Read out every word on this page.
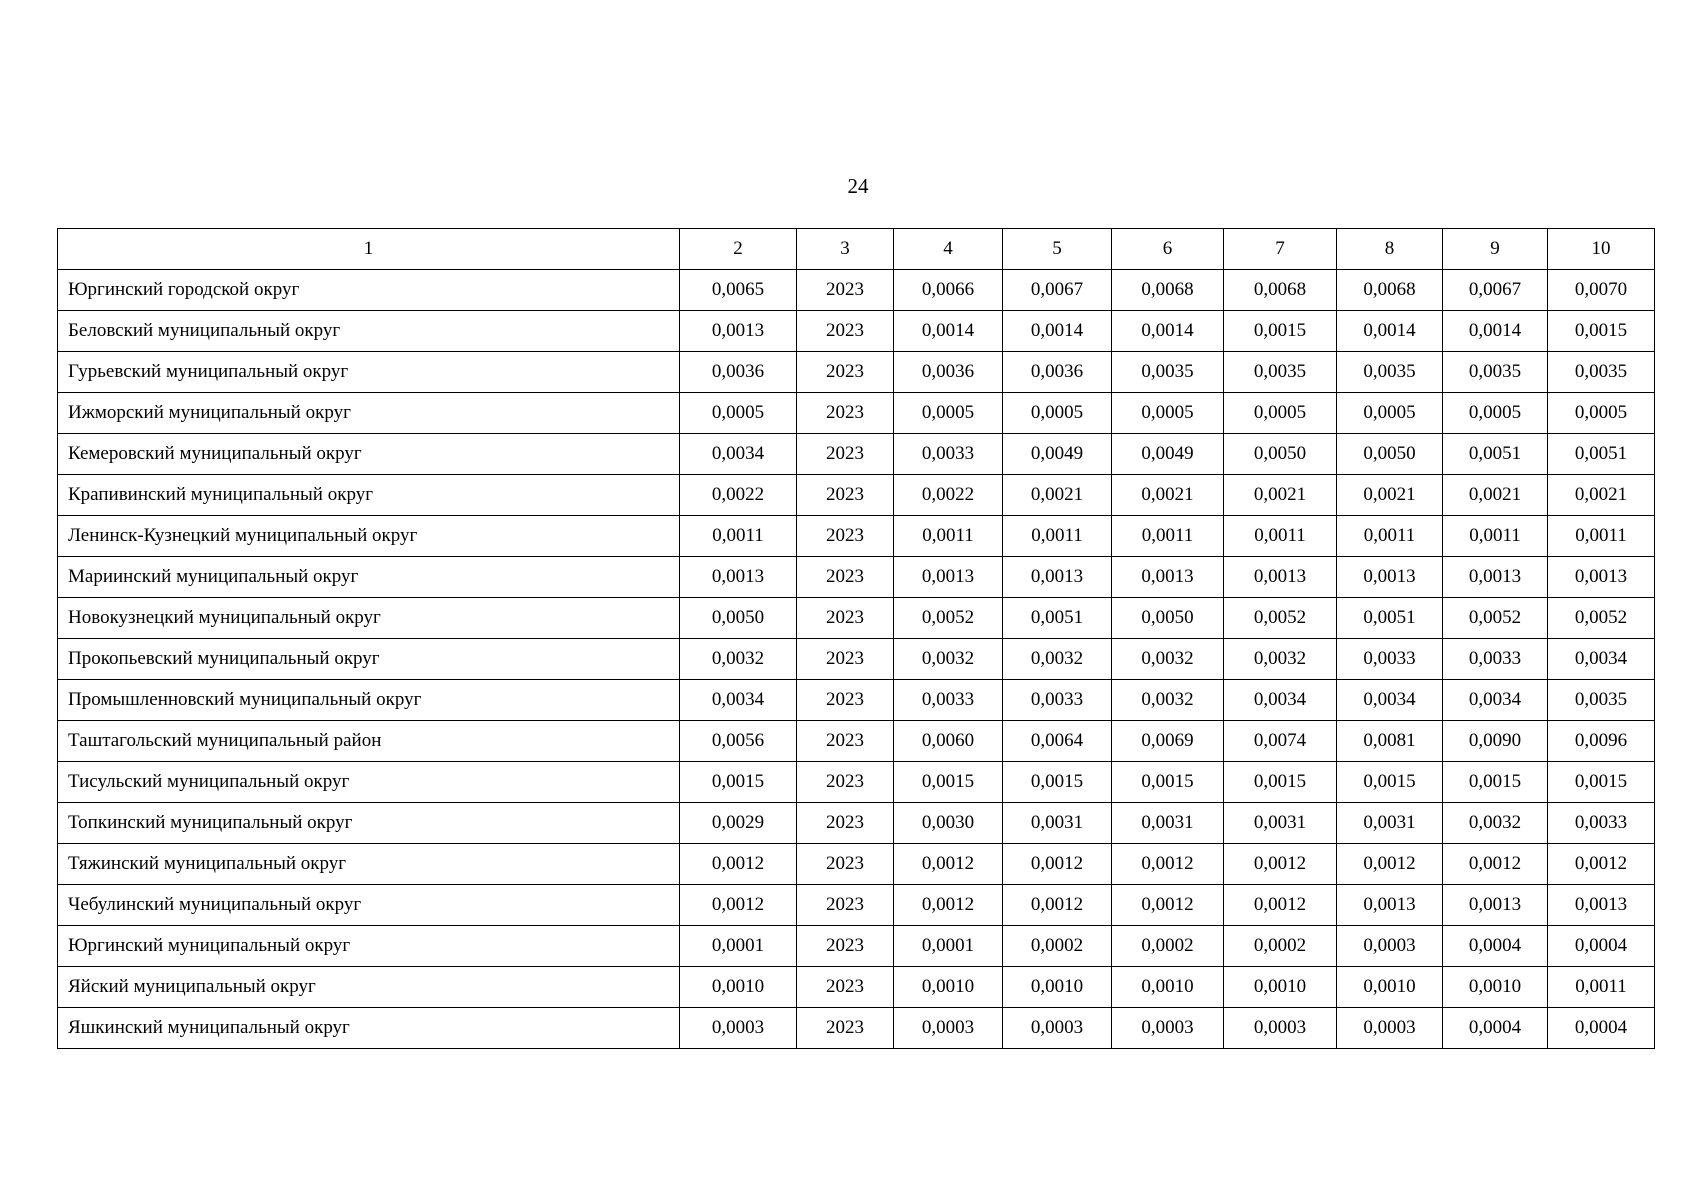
24
1	2	3	4	5	6	7	8	9	10
Юргинский городской округ	0,0065	2023	0,0066	0,0067	0,0068	0,0068	0,0068	0,0067	0,0070
Беловский муниципальный округ	0,0013	2023	0,0014	0,0014	0,0014	0,0015	0,0014	0,0014	0,0015
Гурьевский муниципальный округ	0,0036	2023	0,0036	0,0036	0,0035	0,0035	0,0035	0,0035	0,0035
Ижморский муниципальный округ	0,0005	2023	0,0005	0,0005	0,0005	0,0005	0,0005	0,0005	0,0005
Кемеровский муниципальный округ	0,0034	2023	0,0033	0,0049	0,0049	0,0050	0,0050	0,0051	0,0051
Крапивинский муниципальный округ	0,0022	2023	0,0022	0,0021	0,0021	0,0021	0,0021	0,0021	0,0021
Ленинск-Кузнецкий муниципальный округ	0,0011	2023	0,0011	0,0011	0,0011	0,0011	0,0011	0,0011	0,0011
Мариинский муниципальный округ	0,0013	2023	0,0013	0,0013	0,0013	0,0013	0,0013	0,0013	0,0013
Новокузнецкий муниципальный округ	0,0050	2023	0,0052	0,0051	0,0050	0,0052	0,0051	0,0052	0,0052
Прокопьевский муниципальный округ	0,0032	2023	0,0032	0,0032	0,0032	0,0032	0,0033	0,0033	0,0034
Промышленновский муниципальный округ	0,0034	2023	0,0033	0,0033	0,0032	0,0034	0,0034	0,0034	0,0035
Таштагольский муниципальный район	0,0056	2023	0,0060	0,0064	0,0069	0,0074	0,0081	0,0090	0,0096
Тисульский муниципальный округ	0,0015	2023	0,0015	0,0015	0,0015	0,0015	0,0015	0,0015	0,0015
Топкинский муниципальный округ	0,0029	2023	0,0030	0,0031	0,0031	0,0031	0,0031	0,0032	0,0033
Тяжинский муниципальный округ	0,0012	2023	0,0012	0,0012	0,0012	0,0012	0,0012	0,0012	0,0012
Чебулинский муниципальный округ	0,0012	2023	0,0012	0,0012	0,0012	0,0012	0,0013	0,0013	0,0013
Юргинский муниципальный округ	0,0001	2023	0,0001	0,0002	0,0002	0,0002	0,0003	0,0004	0,0004
Яйский муниципальный округ	0,0010	2023	0,0010	0,0010	0,0010	0,0010	0,0010	0,0010	0,0011
Яшкинский муниципальный округ	0,0003	2023	0,0003	0,0003	0,0003	0,0003	0,0003	0,0004	0,0004
